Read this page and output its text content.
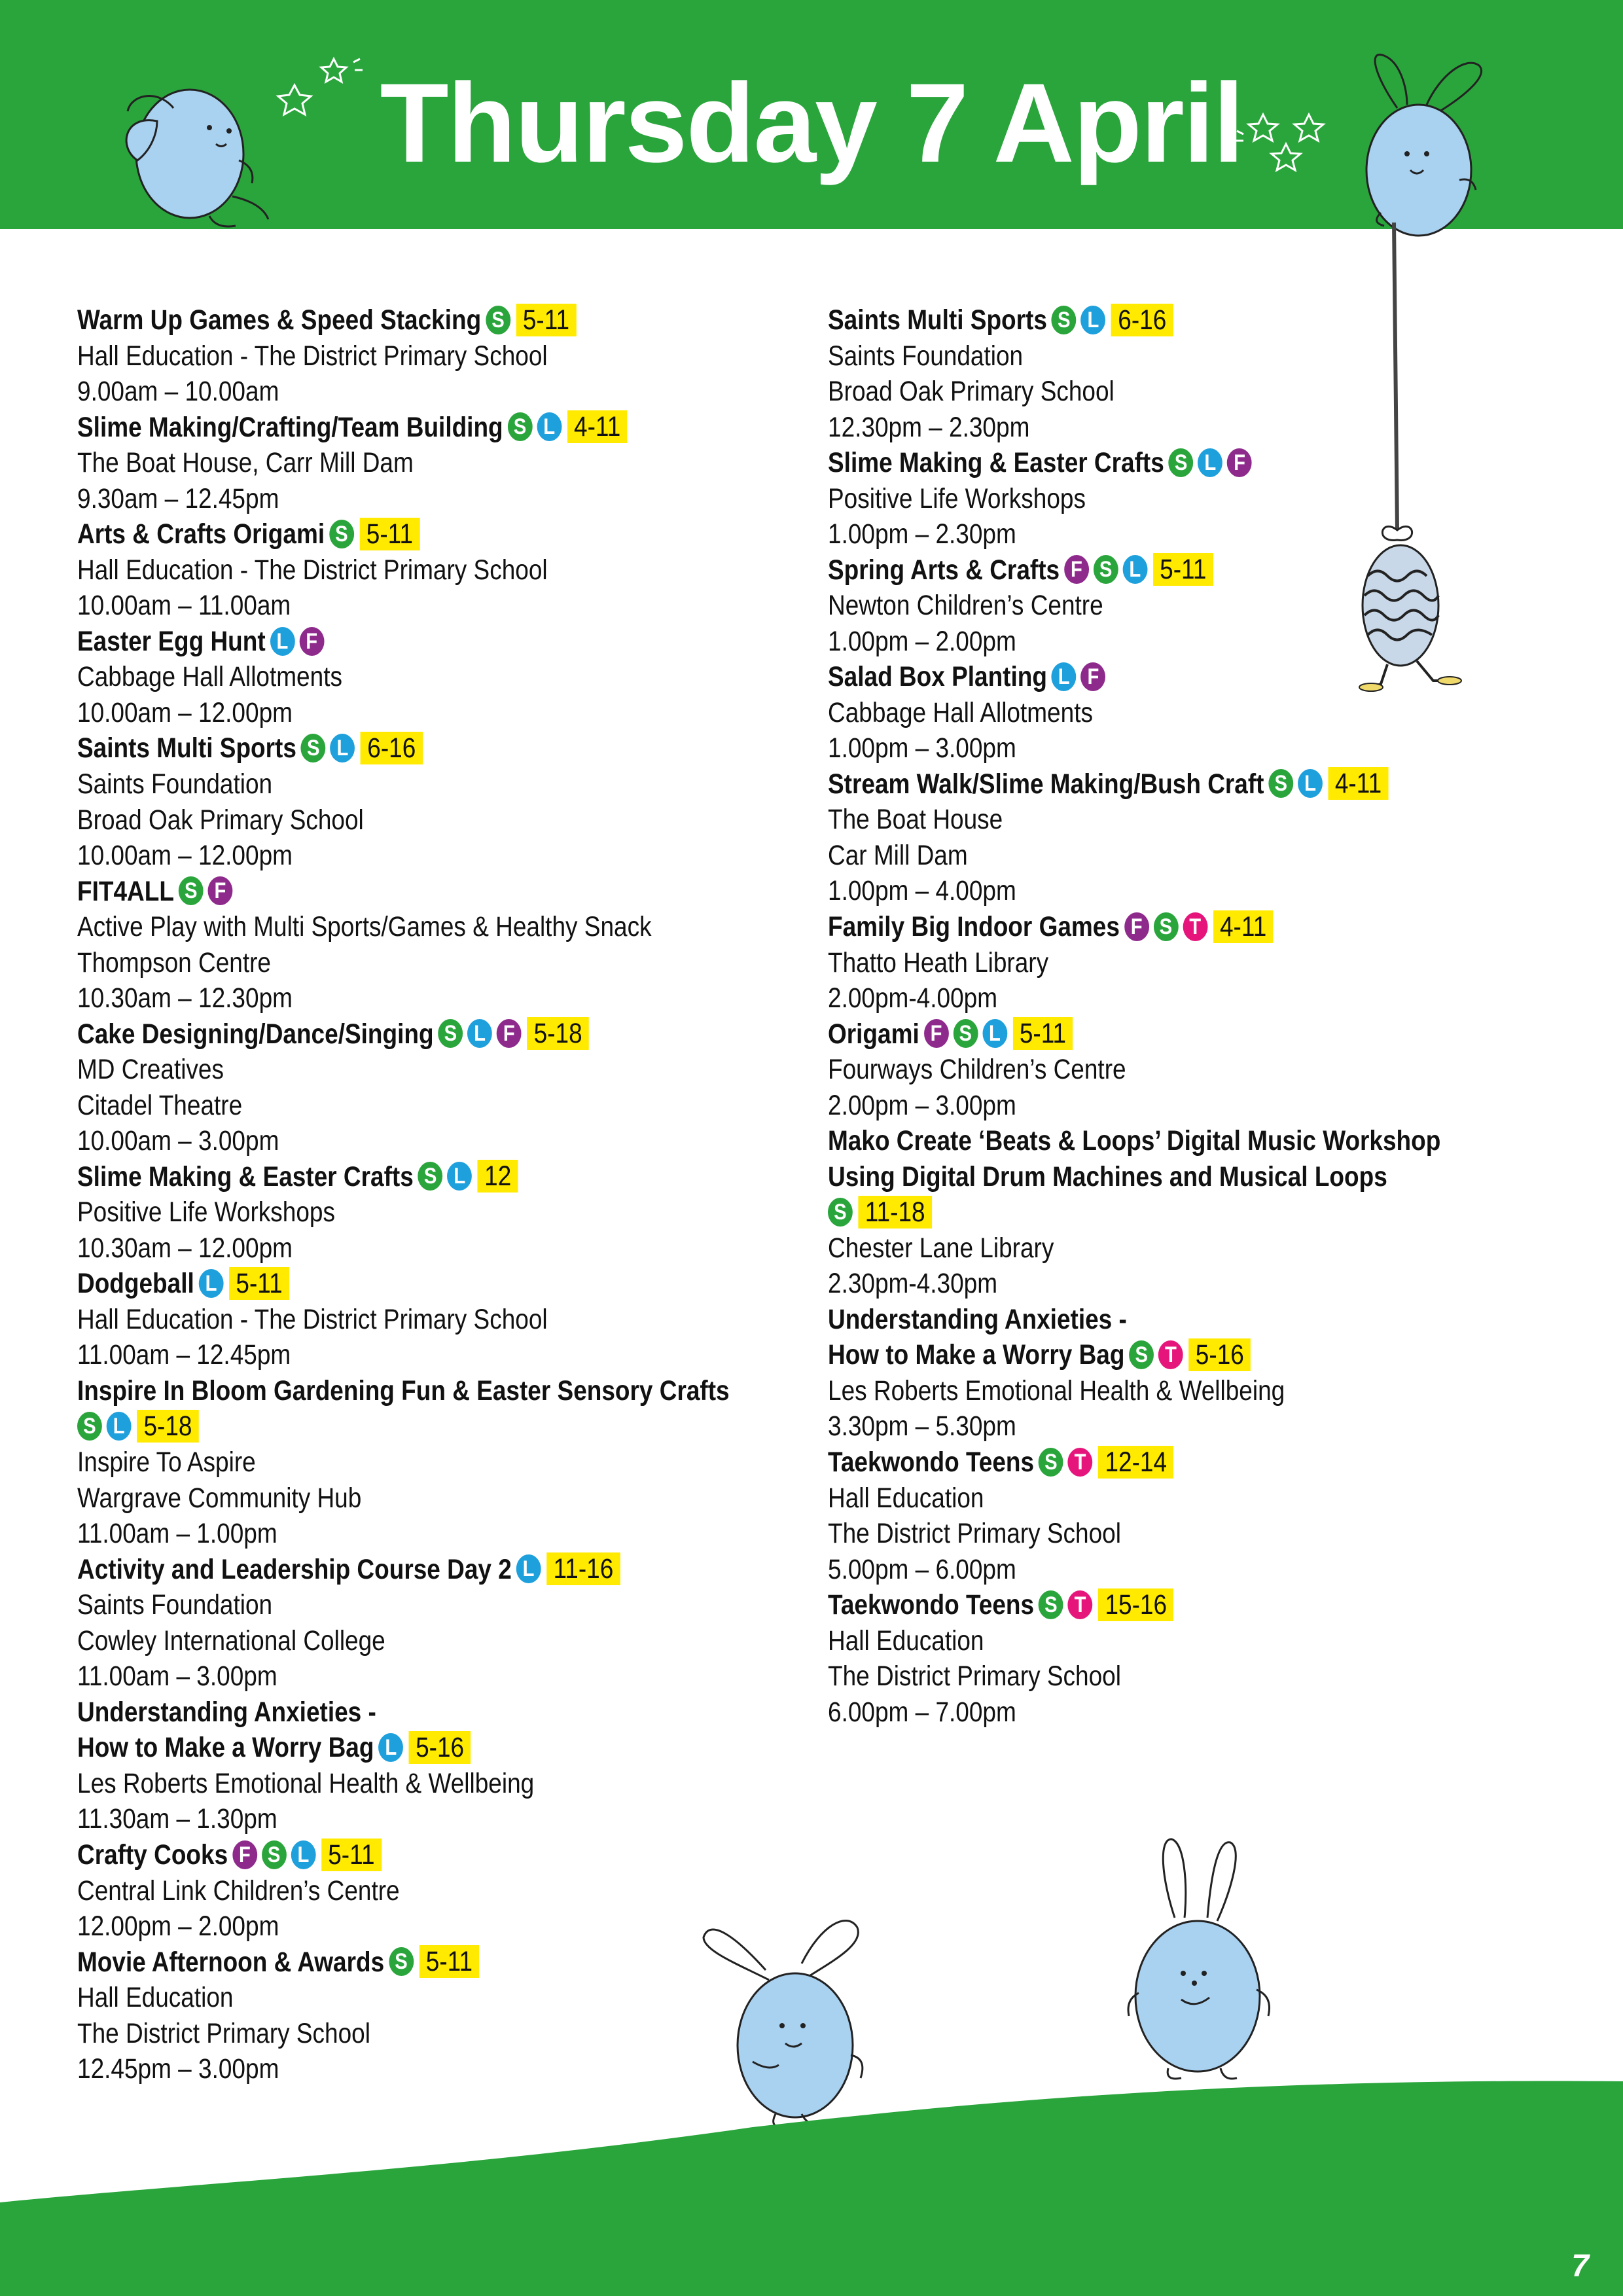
Thursday 7 April
Warm Up Games & Speed Stacking S 5-11
Hall Education - The District Primary School
9.00am – 10.00am
Slime Making/Crafting/Team Building S L 4-11
The Boat House, Carr Mill Dam
9.30am – 12.45pm
Arts & Crafts Origami S 5-11
Hall Education - The District Primary School
10.00am – 11.00am
Easter Egg Hunt L F
Cabbage Hall Allotments
10.00am – 12.00pm
Saints Multi Sports S L 6-16
Saints Foundation
Broad Oak Primary School
10.00am – 12.00pm
FIT4ALL S F
Active Play with Multi Sports/Games & Healthy Snack
Thompson Centre
10.30am – 12.30pm
Cake Designing/Dance/Singing S L F 5-18
MD Creatives
Citadel Theatre
10.00am – 3.00pm
Slime Making & Easter Crafts S L 12
Positive Life Workshops
10.30am – 12.00pm
Dodgeball L 5-11
Hall Education - The District Primary School
11.00am – 12.45pm
Inspire In Bloom Gardening Fun & Easter Sensory Crafts
S L 5-18
Inspire To Aspire
Wargrave Community Hub
11.00am – 1.00pm
Activity and Leadership Course Day 2 L 11-16
Saints Foundation
Cowley International College
11.00am – 3.00pm
Understanding Anxieties -
How to Make a Worry Bag L 5-16
Les Roberts Emotional Health & Wellbeing
11.30am – 1.30pm
Crafty Cooks F S L 5-11
Central Link Children’s Centre
12.00pm – 2.00pm
Movie Afternoon & Awards S 5-11
Hall Education
The District Primary School
12.45pm – 3.00pm
Saints Multi Sports S L 6-16
Saints Foundation
Broad Oak Primary School
12.30pm – 2.30pm
Slime Making & Easter Crafts S L F
Positive Life Workshops
1.00pm – 2.30pm
Spring Arts & Crafts F S L 5-11
Newton Children’s Centre
1.00pm – 2.00pm
Salad Box Planting L F
Cabbage Hall Allotments
1.00pm – 3.00pm
Stream Walk/Slime Making/Bush Craft S L 4-11
The Boat House
Car Mill Dam
1.00pm – 4.00pm
Family Big Indoor Games F S T 4-11
Thatto Heath Library
2.00pm-4.00pm
Origami F S L 5-11
Fourways Children’s Centre
2.00pm – 3.00pm
Mako Create ‘Beats & Loops’ Digital Music Workshop
Using Digital Drum Machines and Musical Loops
S 11-18
Chester Lane Library
2.30pm-4.30pm
Understanding Anxieties -
How to Make a Worry Bag S T 5-16
Les Roberts Emotional Health & Wellbeing
3.30pm – 5.30pm
Taekwondo Teens S T 12-14
Hall Education
The District Primary School
5.00pm – 6.00pm
Taekwondo Teens S T 15-16
Hall Education
The District Primary School
6.00pm – 7.00pm
7
